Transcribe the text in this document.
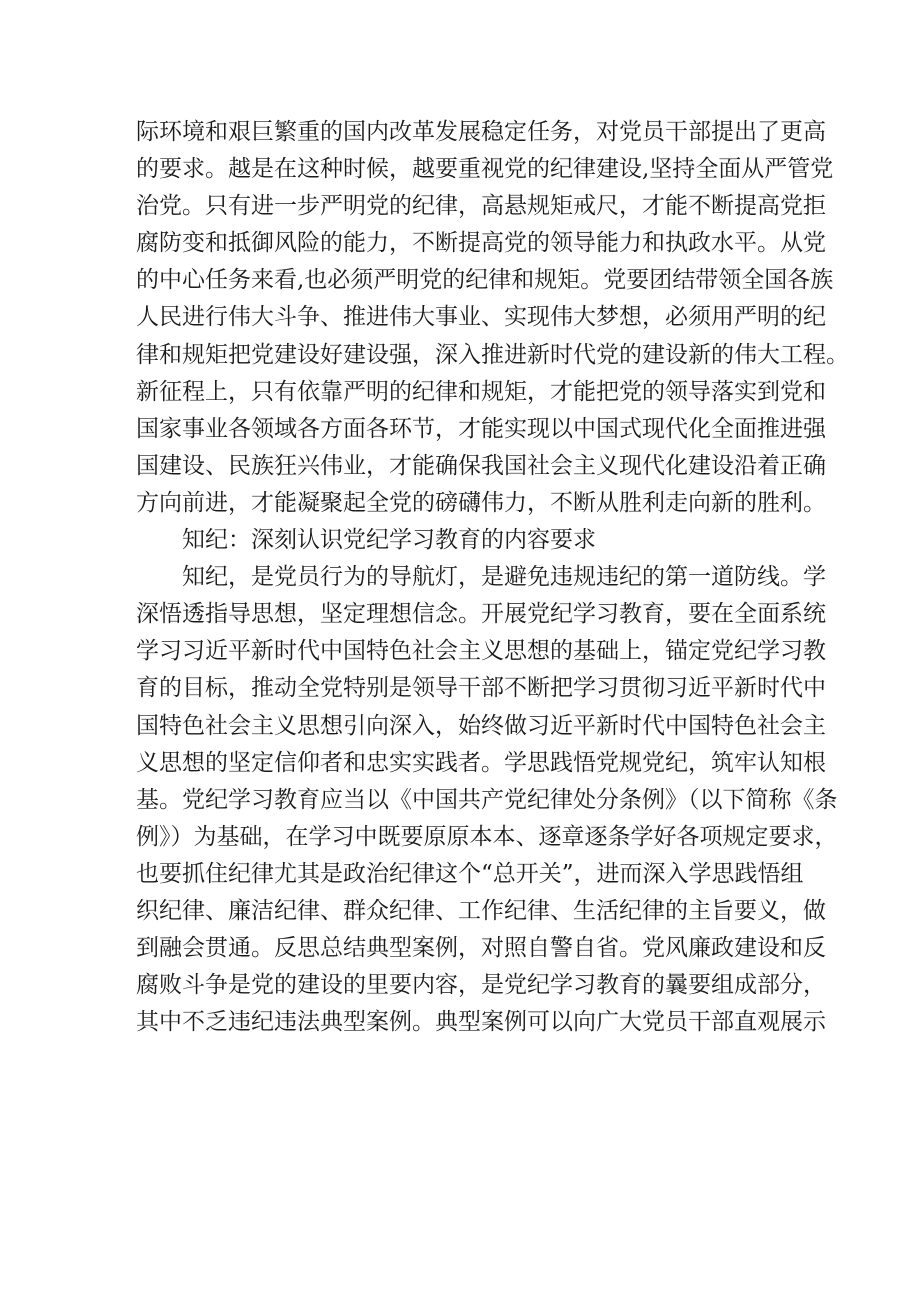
际环境和艰巨繁重的国内改革发展稳定任务，对党员干部提出了更高
的要求。越是在这种时候，越要重视党的纪律建设,坚持全面从严管党
治党。只有进一步严明党的纪律，高悬规矩戒尺，才能不断提高党拒
腐防变和抵御风险的能力，不断提高党的领导能力和执政水平。从党
的中心任务来看,也必须严明党的纪律和规矩。党要团结带领全国各族
人民进行伟大斗争、推进伟大事业、实现伟大梦想，必须用严明的纪
律和规矩把党建设好建设强，深入推进新时代党的建设新的伟大工程。
新征程上，只有依靠严明的纪律和规矩，才能把党的领导落实到党和
国家事业各领域各方面各环节，才能实现以中国式现代化全面推进强
国建设、民族狂兴伟业，才能确保我国社会主义现代化建设沿着正确
方向前进，才能凝聚起全党的磅礴伟力，不断从胜利走向新的胜利。
知纪：深刻认识党纪学习教育的内容要求
知纪，是党员行为的导航灯，是避免违规违纪的第一道防线。学
深悟透指导思想，坚定理想信念。开展党纪学习教育，要在全面系统
学习习近平新时代中国特色社会主义思想的基础上，锚定党纪学习教
育的目标，推动全党特别是领导干部不断把学习贯彻习近平新时代中
国特色社会主义思想引向深入，始终做习近平新时代中国特色社会主
义思想的坚定信仰者和忠实实践者。学思践悟党规党纪，筑牢认知根
基。党纪学习教育应当以《中国共产党纪律处分条例》（以下简称《条
例》）为基础，在学习中既要原原本本、逐章逐条学好各项规定要求，
也要抓住纪律尤其是政治纪律这个“总开关”，进而深入学思践悟组
织纪律、廉洁纪律、群众纪律、工作纪律、生活纪律的主旨要义，做
到融会贯通。反思总结典型案例，对照自警自省。党风廉政建设和反
腐败斗争是党的建设的里要内容，是党纪学习教育的曩要组成部分，
其中不乏违纪违法典型案例。典型案例可以向广大党员干部直观展示
